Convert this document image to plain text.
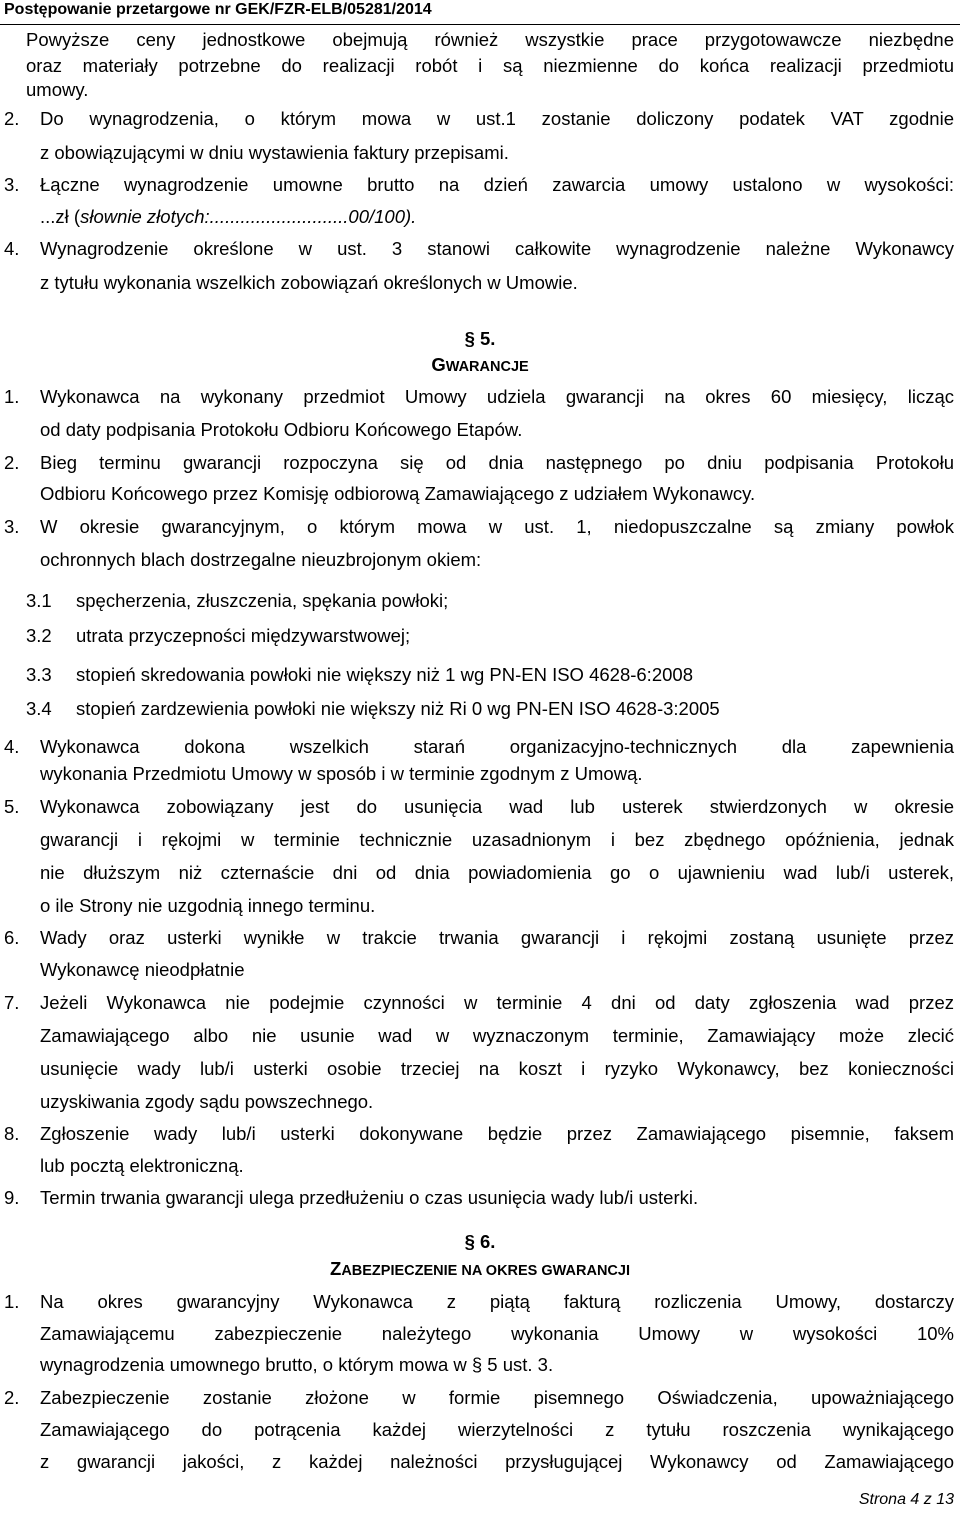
Postępowanie przetargowe nr GEK/FZR-ELB/05281/2014
Powyższe ceny jednostkowe obejmują również wszystkie prace przygotowawcze niezbędne
oraz materiały potrzebne do realizacji robót i są niezmienne do końca realizacji przedmiotu
umowy.
2. Do wynagrodzenia, o którym mowa w ust.1 zostanie doliczony podatek VAT zgodnie
z obowiązującymi w dniu wystawienia faktury przepisami.
3. Łączne wynagrodzenie umowne brutto na dzień zawarcia umowy ustalono w wysokości:
...zł (słownie złotych:...........................00/100).
4. Wynagrodzenie określone w ust. 3 stanowi całkowite wynagrodzenie należne Wykonawcy
z tytułu wykonania wszelkich zobowiązań określonych w Umowie.
§ 5.
GWARANCJE
1. Wykonawca na wykonany przedmiot Umowy udziela gwarancji na okres 60 miesięcy, licząc
od daty podpisania Protokołu Odbioru Końcowego Etapów.
2. Bieg terminu gwarancji rozpoczyna się od dnia następnego po dniu podpisania Protokołu
Odbioru Końcowego przez Komisję odbiorową Zamawiającego z udziałem Wykonawcy.
3. W okresie gwarancyjnym, o którym mowa w ust. 1, niedopuszczalne są zmiany powłok
ochronnych blach dostrzegalne nieuzbrojonym okiem:
3.1 spęcherzenia, złuszczenia, spękania powłoki;
3.2 utrata przyczepności międzywarstwowej;
3.3 stopień skredowania powłoki nie większy niż 1 wg PN-EN ISO 4628-6:2008
3.4 stopień zardzewienia powłoki nie większy niż Ri 0 wg PN-EN ISO 4628-3:2005
4. Wykonawca dokona wszelkich starań organizacyjno-technicznych dla zapewnienia
wykonania Przedmiotu Umowy w sposób i w terminie zgodnym z Umową.
5. Wykonawca zobowiązany jest do usunięcia wad lub usterek stwierdzonych w okresie
gwarancji i rękojmi w terminie technicznie uzasadnionym i bez zbędnego opóźnienia, jednak
nie dłuższym niż czternaście dni od dnia powiadomienia go o ujawnieniu wad lub/i usterek,
o ile Strony nie uzgodnią innego terminu.
6. Wady oraz usterki wynikłe w trakcie trwania gwarancji i rękojmi zostaną usunięte przez
Wykonawcę nieodpłatnie
7. Jeżeli Wykonawca nie podejmie czynności w terminie 4 dni od daty zgłoszenia wad przez
Zamawiającego albo nie usunie wad w wyznaczonym terminie, Zamawiający może zlecić
usunięcie wady lub/i usterki osobie trzeciej na koszt i ryzyko Wykonawcy, bez konieczności
uzyskiwania zgody sądu powszechnego.
8. Zgłoszenie wady lub/i usterki dokonywane będzie przez Zamawiającego pisemnie, faksem
lub pocztą elektroniczną.
9. Termin trwania gwarancji ulega przedłużeniu o czas usunięcia wady lub/i usterki.
§ 6.
ZABEZPIECZENIE NA OKRES GWARANCJI
1. Na okres gwarancyjny Wykonawca z piątą fakturą rozliczenia Umowy, dostarczy
Zamawiającemu zabezpieczenie należytego wykonania Umowy w wysokości 10%
wynagrodzenia umownego brutto, o którym mowa w § 5 ust. 3.
2. Zabezpieczenie zostanie złożone w formie pisemnego Oświadczenia, upoważniającego
Zamawiającego do potrącenia każdej wierzytelności z tytułu roszczenia wynikającego
z gwarancji jakości, z każdej należności przysługującej Wykonawcy od Zamawiającego
Strona 4 z 13
